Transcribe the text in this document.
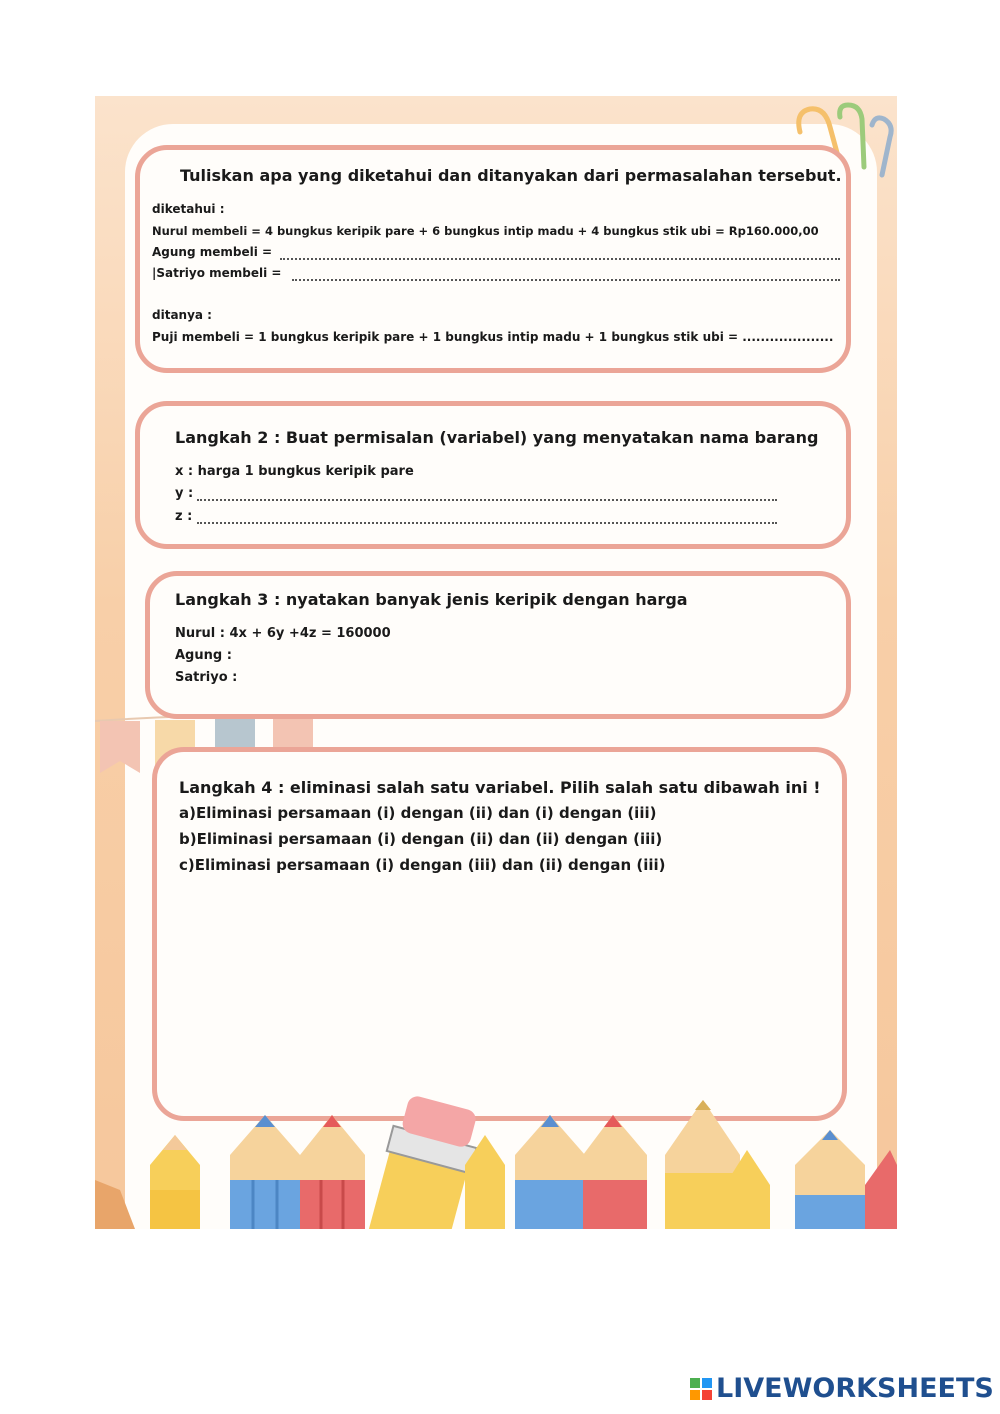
Tuliskan apa yang diketahui dan ditanyakan dari permasalahan tersebut.
diketahui :
Nurul membeli = 4 bungkus keripik pare + 6 bungkus intip madu + 4 bungkus stik ubi = Rp160.000,00
Agung membeli =
|Satriyo membeli =
ditanya :
Puji membeli = 1 bungkus keripik pare + 1 bungkus intip madu + 1 bungkus stik ubi = ....................
Langkah 2 : Buat permisalan (variabel) yang menyatakan nama barang
x : harga 1 bungkus keripik pare
y :
z :
Langkah 3 : nyatakan banyak jenis keripik dengan harga
Nurul : 4x + 6y +4z = 160000
Agung :
Satriyo :
Langkah 4 : eliminasi salah satu variabel. Pilih salah satu dibawah ini !
a)Eliminasi persamaan (i) dengan (ii) dan (i) dengan (iii)
b)Eliminasi persamaan (i) dengan (ii) dan (ii) dengan (iii)
c)Eliminasi persamaan (i) dengan (iii) dan (ii) dengan (iii)
LIVEWORKSHEETS
